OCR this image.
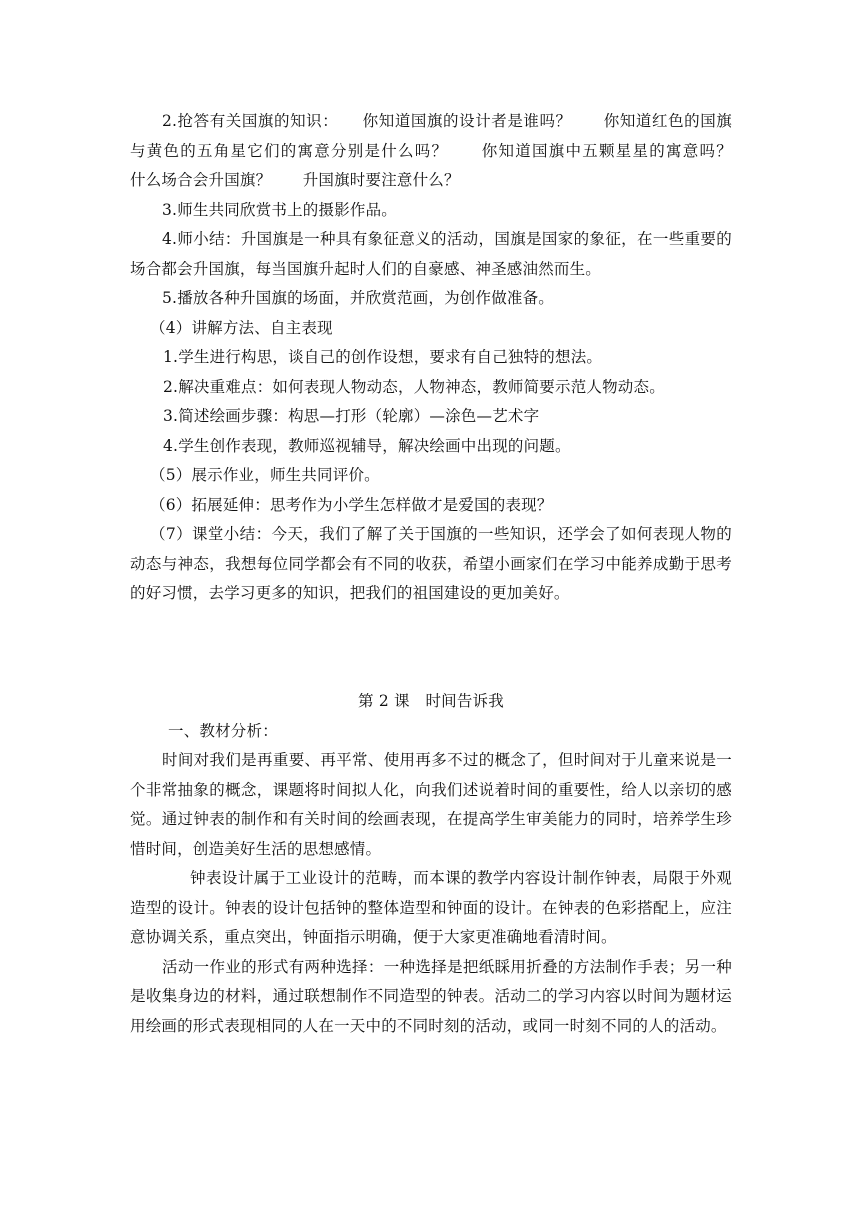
2.抢答有关国旗的知识：　　你知道国旗的设计者是谁吗？　　你知道红色的国旗与黄色的五角星它们的寓意分别是什么吗？　　你知道国旗中五颗星星的寓意吗？　　什么场合会升国旗？　　升国旗时要注意什么？

3.师生共同欣赏书上的摄影作品。

4.师小结：升国旗是一种具有象征意义的活动，国旗是国家的象征，在一些重要的场合都会升国旗，每当国旗升起时人们的自豪感、神圣感油然而生。

5.播放各种升国旗的场面，并欣赏范画，为创作做准备。

（4）讲解方法、自主表现

1.学生进行构思，谈自己的创作设想，要求有自己独特的想法。

2.解决重难点：如何表现人物动态，人物神态，教师简要示范人物动态。

3.简述绘画步骤：构思—打形（轮廓）—涂色—艺术字

4.学生创作表现，教师巡视辅导，解决绘画中出现的问题。

（5）展示作业，师生共同评价。

（6）拓展延伸：思考作为小学生怎样做才是爱国的表现？

（7）课堂小结：今天，我们了解了关于国旗的一些知识，还学会了如何表现人物的动态与神态，我想每位同学都会有不同的收获，希望小画家们在学习中能养成勤于思考的好习惯，去学习更多的知识，把我们的祖国建设的更加美好。

第 2 课　时间告诉我

一、教材分析：

时间对我们是再重要、再平常、使用再多不过的概念了，但时间对于儿童来说是一个非常抽象的概念，课题将时间拟人化，向我们述说着时间的重要性，给人以亲切的感觉。通过钟表的制作和有关时间的绘画表现，在提高学生审美能力的同时，培养学生珍惜时间，创造美好生活的思想感情。

钟表设计属于工业设计的范畴，而本课的教学内容设计制作钟表，局限于外观造型的设计。钟表的设计包括钟的整体造型和钟面的设计。在钟表的色彩搭配上，应注意协调关系，重点突出，钟面指示明确，便于大家更准确地看清时间。

活动一作业的形式有两种选择：一种选择是把纸睬用折叠的方法制作手表；另一种是收集身边的材料，通过联想制作不同造型的钟表。活动二的学习内容以时间为题材运用绘画的形式表现相同的人在一天中的不同时刻的活动，或同一时刻不同的人的活动。
